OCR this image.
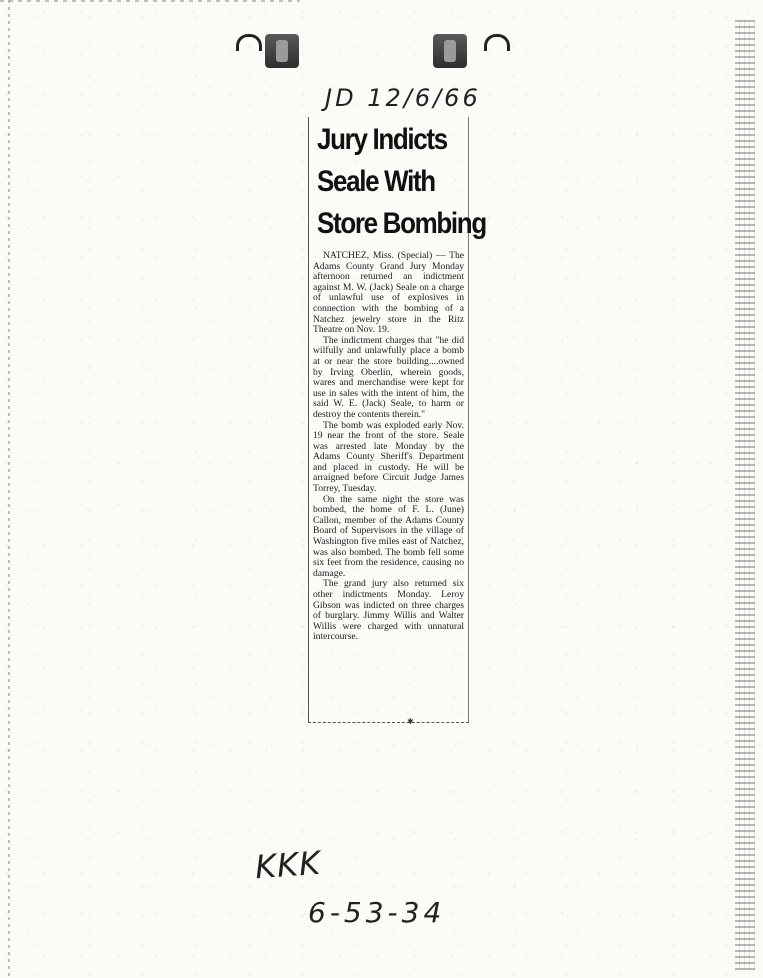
JD 12/6/66
Jury Indicts
Seale With
Store Bombing

NATCHEZ, Miss. (Special) — The Adams County Grand Jury Monday afternoon returned an indictment against M. W. (Jack) Seale on a charge of unlawful use of explosives in connection with the bombing of a Natchez jewelry store in the Ritz Theatre on Nov. 19.

The indictment charges that "he did wilfully and unlawfully place a bomb at or near the store building....owned by Irving Oberlin, wherein goods, wares and merchandise were kept for use in sales with the intent of him, the said W. E. (Jack) Seale, to harm or destroy the contents therein."

The bomb was exploded early Nov. 19 near the front of the store. Seale was arrested late Monday by the Adams County Sheriff's Department and placed in custody. He will be arraigned before Circuit Judge James Torrey, Tuesday.

On the same night the store was bombed, the home of F. L. (June) Callon, member of the Adams County Board of Supervisors in the village of Washington five miles east of Natchez, was also bombed. The bomb fell some six feet from the residence, causing no damage.

The grand jury also returned six other indictments Monday. Leroy Gibson was indicted on three charges of burglary. Jimmy Willis and Walter Willis were charged with unnatural intercourse.

✱
KKK
6-53-34
